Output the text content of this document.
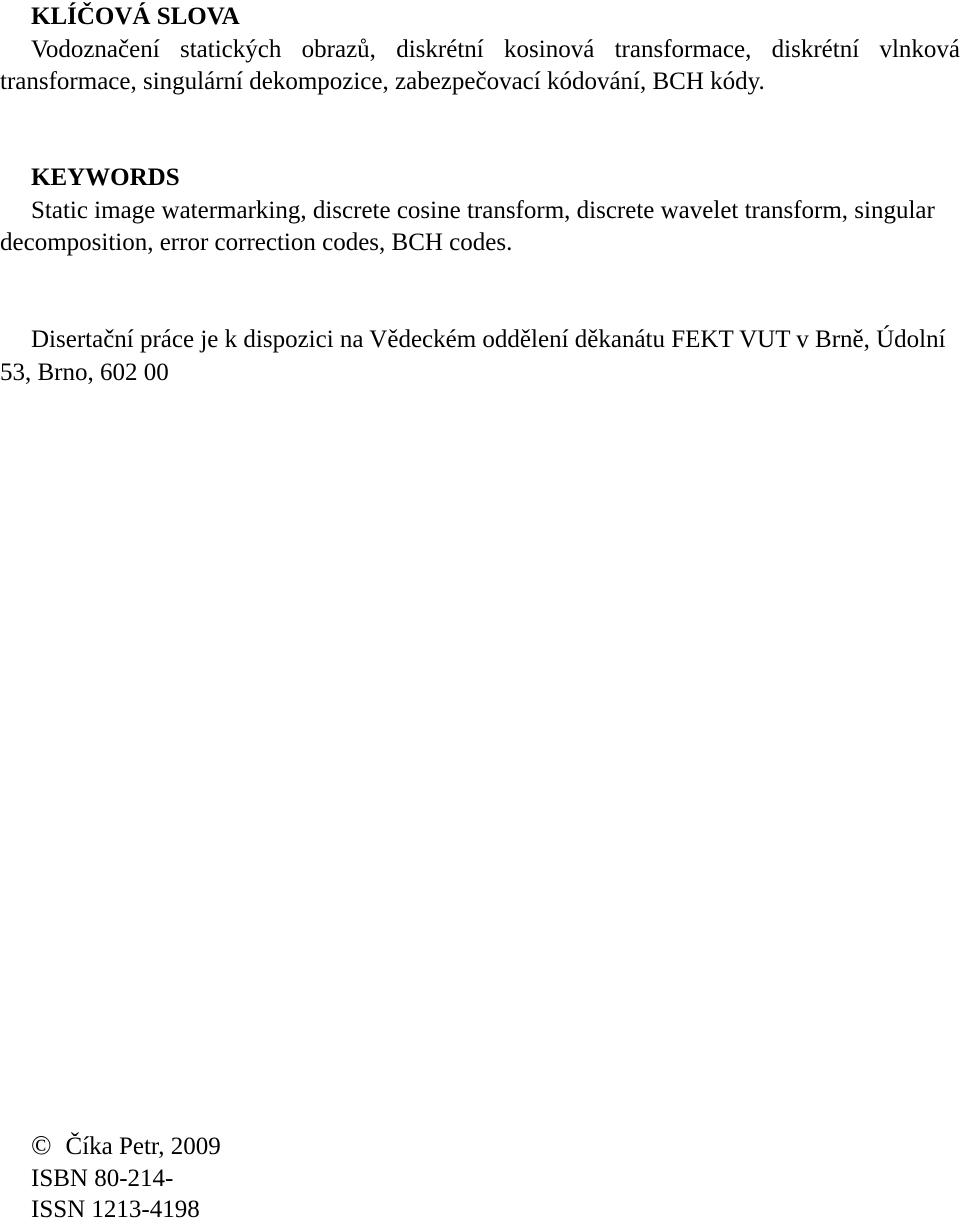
KLÍČOVÁ SLOVA
Vodoznačení statických obrazů, diskrétní kosinová transformace, diskrétní vlnková transformace, singulární dekompozice, zabezpečovací kódování, BCH kódy.
KEYWORDS
Static image watermarking, discrete cosine transform, discrete wavelet transform, singular decomposition, error correction codes, BCH codes.
Disertační práce je k dispozici na Vědeckém oddělení děkanátu FEKT VUT v Brně, Údolní 53, Brno, 602 00
© Číka Petr, 2009
ISBN 80-214-
ISSN 1213-4198
